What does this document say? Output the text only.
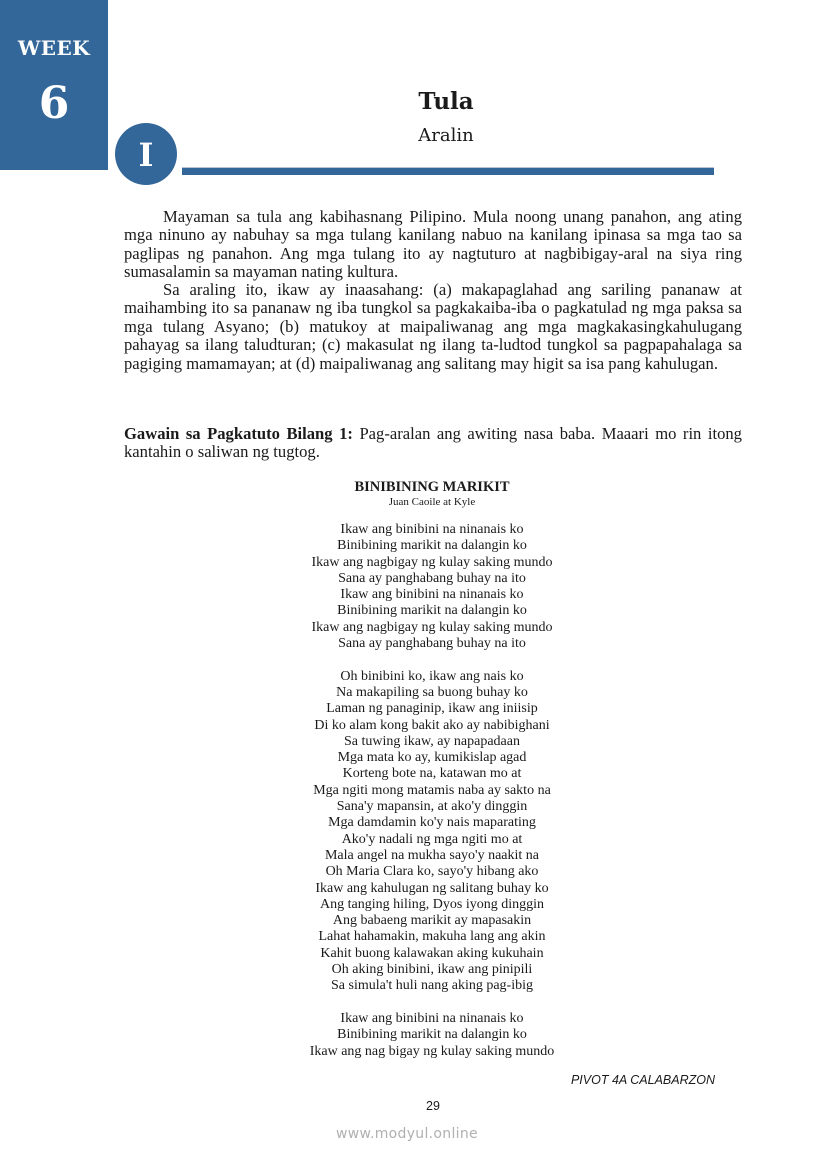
WEEK
6
I
Tula
Aralin
Mayaman sa tula ang kabihasnang Pilipino. Mula noong unang panahon, ang ating mga ninuno ay nabuhay sa mga tulang kanilang nabuo na kanilang ipinasa sa mga tao sa paglipas ng panahon. Ang mga tulang ito ay nagtuturo at nagbibigay-aral na siya ring sumasalamin sa mayaman nating kultura.
Sa araling ito, ikaw ay inaasahang: (a) makapaglahad ang sariling pananaw at maihambing ito sa pananaw ng iba tungkol sa pagkakaiba-iba o pagkatulad ng mga paksa sa mga tulang Asyano; (b) matukoy at maipaliwanag ang mga magkakasingkahulugang pahayag sa ilang taludturan; (c) makasulat ng ilang ta-ludtod tungkol sa pagpapahalaga sa pagiging mamamayan; at (d) maipaliwanag ang salitang may higit sa isa pang kahulugan.
Gawain sa Pagkatuto Bilang 1: Pag-aralan ang awiting nasa baba. Maaari mo rin itong kantahin o saliwan ng tugtog.
BINIBINING MARIKIT
Juan Caoile at Kyle
Ikaw ang binibini na ninanais ko
Binibining marikit na dalangin ko
Ikaw ang nagbigay ng kulay saking mundo
Sana ay panghabang buhay na ito
Ikaw ang binibini na ninanais ko
Binibining marikit na dalangin ko
Ikaw ang nagbigay ng kulay saking mundo
Sana ay panghabang buhay na ito
Oh binibini ko, ikaw ang nais ko
Na makapiling sa buong buhay ko
Laman ng panaginip, ikaw ang iniisip
Di ko alam kong bakit ako ay nabibighani
Sa tuwing ikaw, ay napapadaan
Mga mata ko ay, kumikislap agad
Korteng bote na, katawan mo at
Mga ngiti mong matamis naba ay sakto na
Sana'y mapansin, at ako'y dinggin
Mga damdamin ko'y nais maparating
Ako'y nadali ng mga ngiti mo at
Mala angel na mukha sayo'y naakit na
Oh Maria Clara ko, sayo'y hibang ako
Ikaw ang kahulugan ng salitang buhay ko
Ang tanging hiling, Dyos iyong dinggin
Ang babaeng marikit ay mapasakin
Lahat hahamakin, makuha lang ang akin
Kahit buong kalawakan aking kukuhain
Oh aking binibini, ikaw ang pinipili
Sa simula't huli nang aking pag-ibig
Ikaw ang binibini na ninanais ko
Binibining marikit na dalangin ko
Ikaw ang nag bigay ng kulay saking mundo
PIVOT 4A CALABARZON
29
www.modyul.online
